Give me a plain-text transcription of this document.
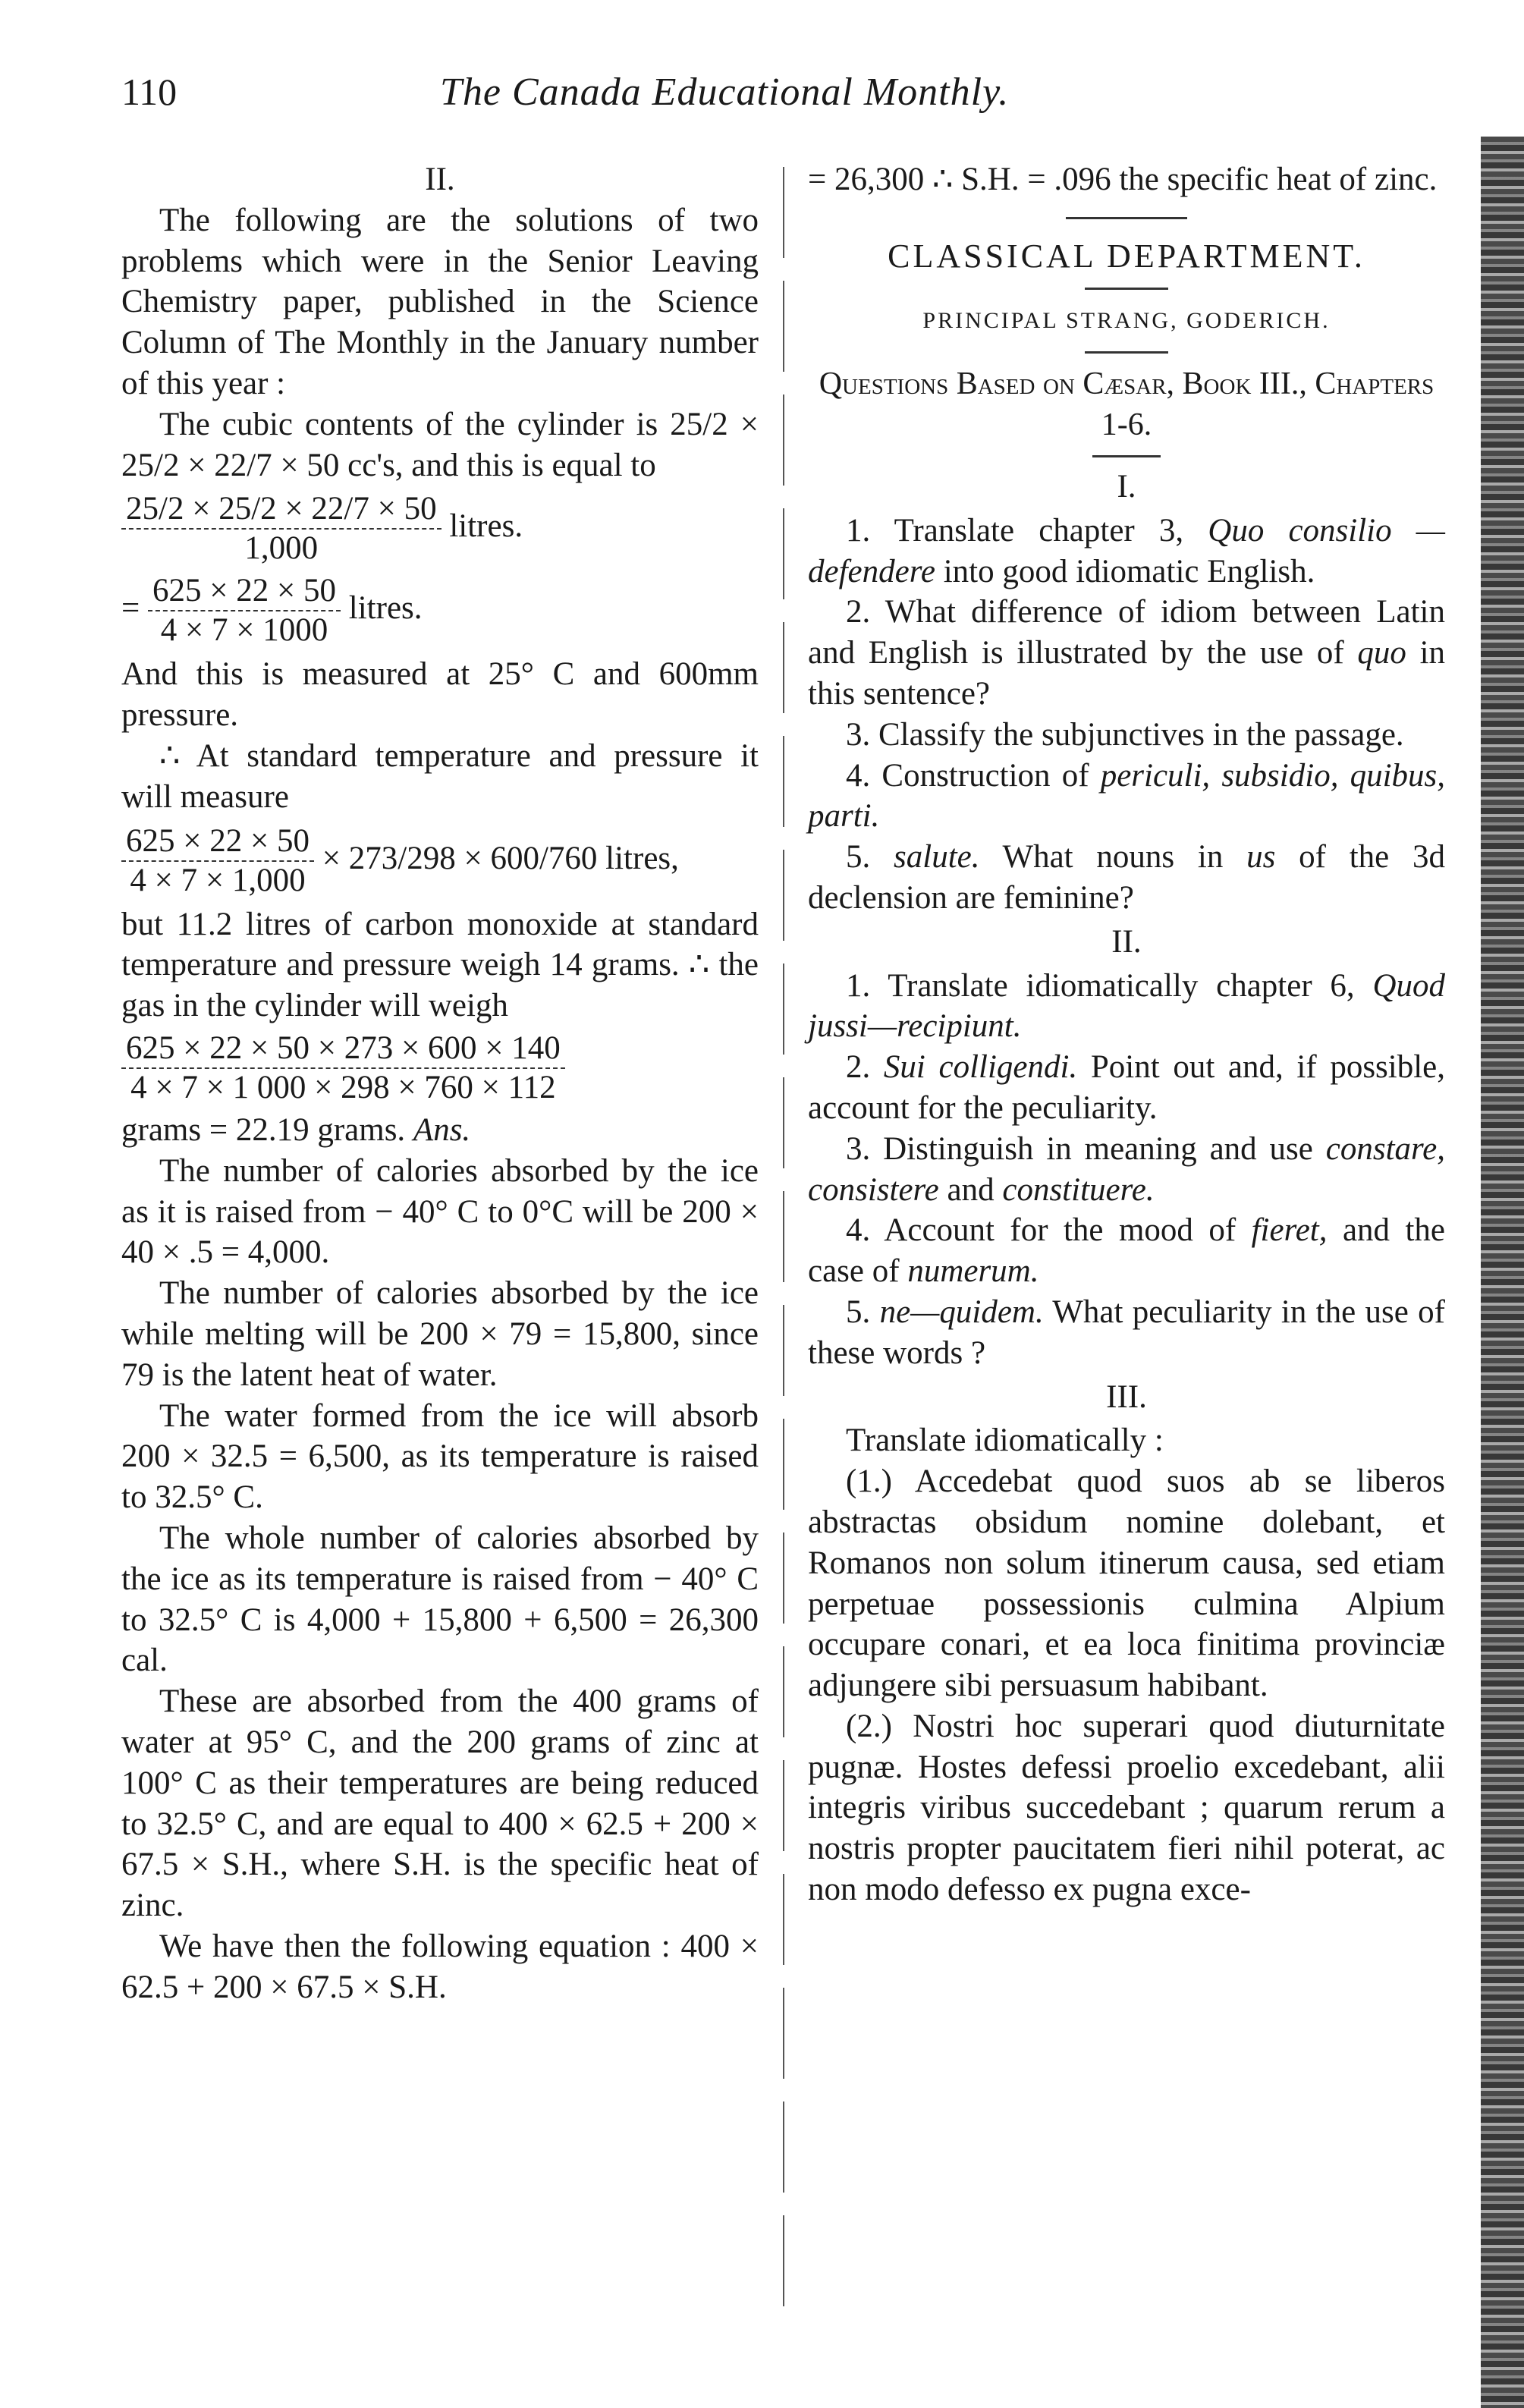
110	The Canada Educational Monthly.

II.

The following are the solutions of two problems which were in the Senior Leaving Chemistry paper, published in the Science Column of The Monthly in the January number of this year :

The cubic contents of the cylinder is 25/2 × 25/2 × 22/7 × 50 cc's, and this is equal to

$\frac{25/2 \times 25/2 \times 22/7 \times 50}{1,000}$ litres.

= $\frac{625 \times 22 \times 50}{4 \times 7 \times 1000}$ litres.

And this is measured at 25° C and 600mm pressure.

∴ At standard temperature and pressure it will measure

$\frac{625 \times 22 \times 50}{4 \times 7 \times 1,000} \times 273/298 \times 600/760$ litres,

but 11.2 litres of carbon monoxide at standard temperature and pressure weigh 14 grams. ∴ the gas in the cylinder will weigh

$\frac{625 \times 22 \times 50 \times 273 \times 600 \times 140}{4 \times 7 \times 1 000 \times 298 \times 760 \times 112}$

grams = 22.19 grams. Ans.

The number of calories absorbed by the ice as it is raised from − 40° C to 0°C will be 200 × 40 × .5 = 4,000.

The number of calories absorbed by the ice while melting will be 200 × 79 = 15,800, since 79 is the latent heat of water.

The water formed from the ice will absorb 200 × 32.5 = 6,500, as its temperature is raised to 32.5° C.

The whole number of calories absorbed by the ice as its temperature is raised from − 40° C to 32.5° C is 4,000 + 15,800 + 6,500 = 26,300 cal.

These are absorbed from the 400 grams of water at 95° C, and the 200 grams of zinc at 100° C as their temperatures are being reduced to 32.5° C, and are equal to 400 × 62.5 + 200 × 67.5 × S.H., where S.H. is the specific heat of zinc.

We have then the following equation : 400 × 62.5 + 200 × 67.5 × S.H.

= 26,300 ∴ S.H. = .096 the specific heat of zinc.

CLASSICAL DEPARTMENT.

PRINCIPAL STRANG, GODERICH.

Questions Based on Cæsar, Book III., Chapters 1-6.

I.

1. Translate chapter 3, Quo consilio —defendere into good idiomatic English.

2. What difference of idiom between Latin and English is illustrated by the use of quo in this sentence?

3. Classify the subjunctives in the passage.

4. Construction of periculi, subsidio, quibus, parti.

5. salute. What nouns in us of the 3d declension are feminine?

II.

1. Translate idiomatically chapter 6, Quod jussi—recipiunt.

2. Sui colligendi. Point out and, if possible, account for the peculiarity.

3. Distinguish in meaning and use constare, consistere and constituere.

4. Account for the mood of fieret, and the case of numerum.

5. ne—quidem. What peculiarity in the use of these words ?

III.

Translate idiomatically :

(1.) Accedebat quod suos ab se liberos abstractas obsidum nomine dolebant, et Romanos non solum itinerum causa, sed etiam perpetuae possessionis culmina Alpium occupare conari, et ea loca finitima provinciæ adjungere sibi persuasum habibant.

(2.) Nostri hoc superari quod diuturnitate pugnæ. Hostes defessi proelio excedebant, alii integris viribus succedebant ; quarum rerum a nostris propter paucitatem fieri nihil poterat, ac non modo defesso ex pugna exce-
